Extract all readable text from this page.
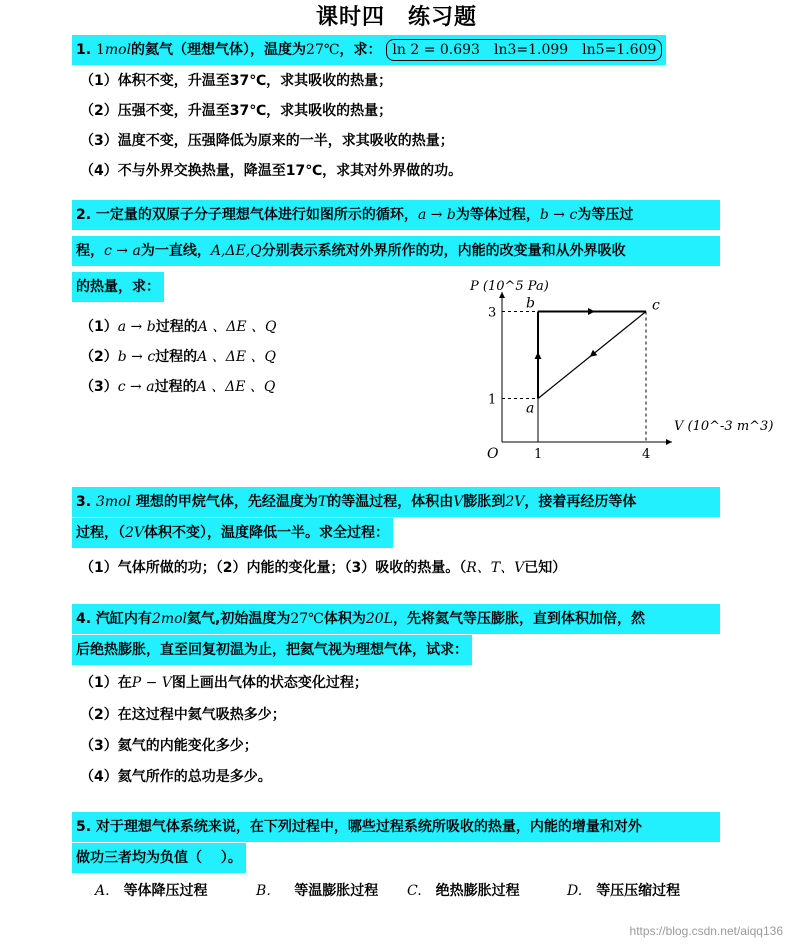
课时四　练习题
1. 1mol的氦气（理想气体），温度为27℃，求： ln 2 = 0.693　ln3=1.099　ln5=1.609
（1）体积不变，升温至37℃，求其吸收的热量；
（2）压强不变，升温至37℃，求其吸收的热量；
（3）温度不变，压强降低为原来的一半，求其吸收的热量；
（4）不与外界交换热量，降温至17℃，求其对外界做的功。
2. 一定量的双原子分子理想气体进行如图所示的循环，a → b为等体过程，b → c为等压过
程，c → a为一直线，A,ΔE,Q分别表示系统对外界所作的功，内能的改变量和从外界吸收
的热量，求：
（1）a → b过程的A 、ΔE 、Q
（2）b → c过程的A 、ΔE 、Q
（3）c → a过程的A 、ΔE 、Q
P (10^5 Pa)
V (10^-3 m^3)
O
a
b	c
1	4
1
3
3. 3mol 理想的甲烷气体，先经温度为T的等温过程，体积由V膨胀到2V，接着再经历等体
过程，（2V体积不变），温度降低一半。求全过程：
（1）气体所做的功；（2）内能的变化量；（3）吸收的热量。（R、T、V已知）
4. 汽缸内有2mol氦气,初始温度为27℃体积为20L，先将氦气等压膨胀，直到体积加倍，然
后绝热膨胀，直至回复初温为止，把氦气视为理想气体，试求：
（1）在P − V图上画出气体的状态变化过程；
（2）在这过程中氦气吸热多少；
（3）氦气的内能变化多少；
（4）氦气所作的总功是多少。
5. 对于理想气体系统来说，在下列过程中，哪些过程系统所吸收的热量，内能的增量和对外
做功三者均为负值（　 ）。
A. 等体降压过程	B． 等温膨胀过程 C. 绝热膨胀过程	D. 等压压缩过程
https://blog.csdn.net/aiqq136
